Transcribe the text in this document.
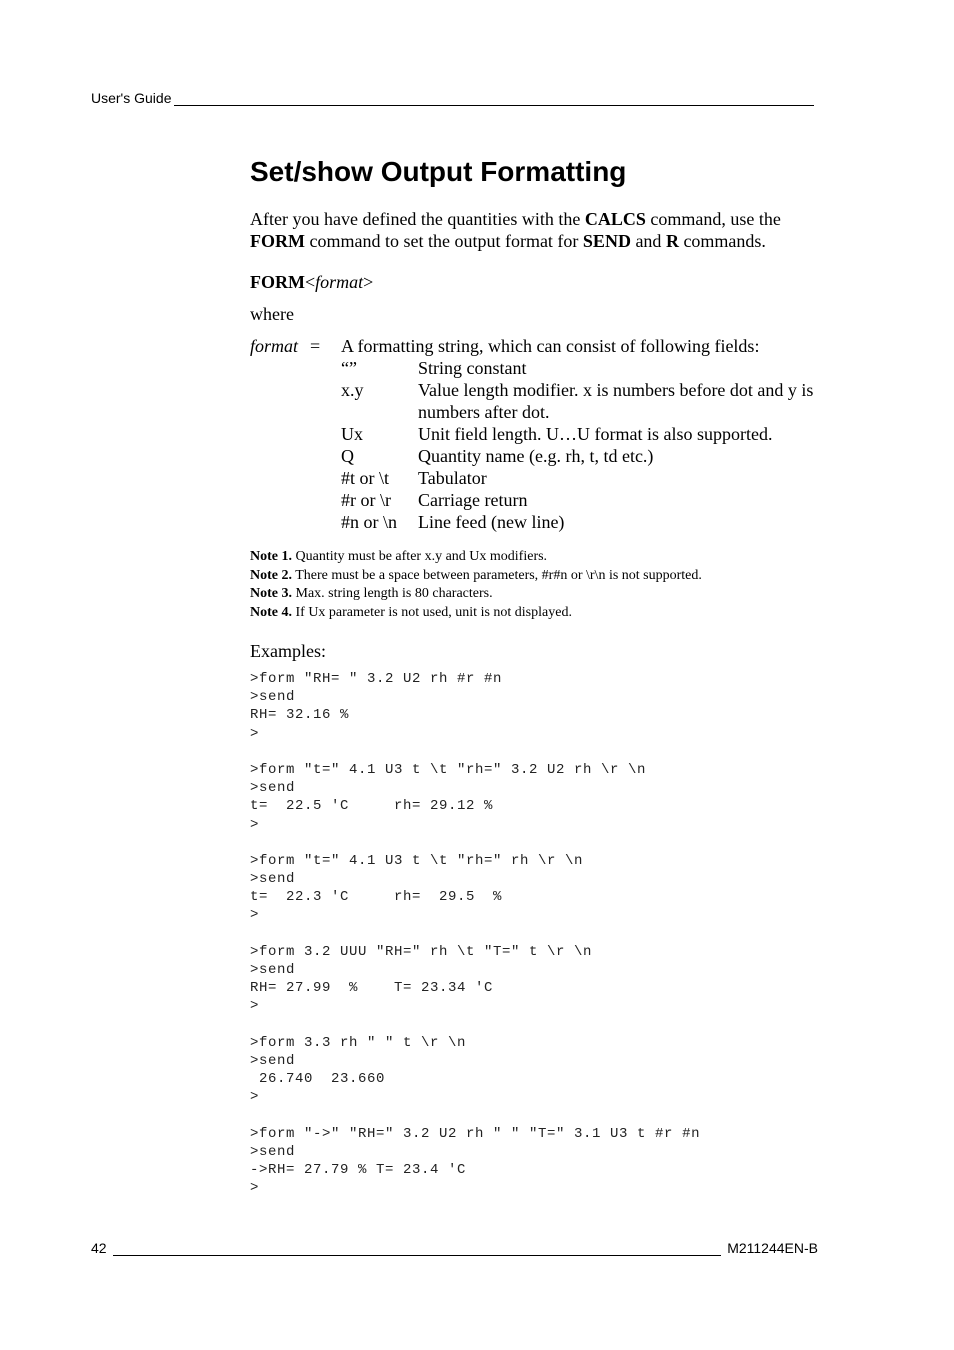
User's Guide
Set/show Output Formatting

After you have defined the quantities with the CALCS command, use the FORM command to set the output format for SEND and R commands.

FORM<format>

where

format =	A formatting string, which can consist of following fields:
“”	String constant
x.y	Value length modifier. x is numbers before dot and y is numbers after dot.
Ux	Unit field length. U…U format is also supported.
Q	Quantity name (e.g. rh, t, td etc.)
#t or \t	Tabulator
#r or \r	Carriage return
#n or \n	Line feed (new line)
Note 1. Quantity must be after x.y and Ux modifiers.
Note 2. There must be a space between parameters, #r#n or \r\n is not supported.
Note 3. Max. string length is 80 characters.
Note 4. If Ux parameter is not used, unit is not displayed.

Examples:

>form "RH= " 3.2 U2 rh #r #n
>send
RH= 32.16 %
>
>form "t=" 4.1 U3 t \t "rh=" 3.2 U2 rh \r \n
>send
t=  22.5 'C     rh= 29.12 %
>
>form "t=" 4.1 U3 t \t "rh=" rh \r \n
>send
t=  22.3 'C     rh=  29.5  %
>
>form 3.2 UUU "RH=" rh \t "T=" t \r \n
>send
RH= 27.99  %    T= 23.34 'C
>
>form 3.3 rh " " t \r \n
>send
26.740  23.660
>
>form "->" "RH=" 3.2 U2 rh " " "T=" 3.1 U3 t #r #n
>send
->RH= 27.79 % T= 23.4 'C
>
42	M211244EN-B
